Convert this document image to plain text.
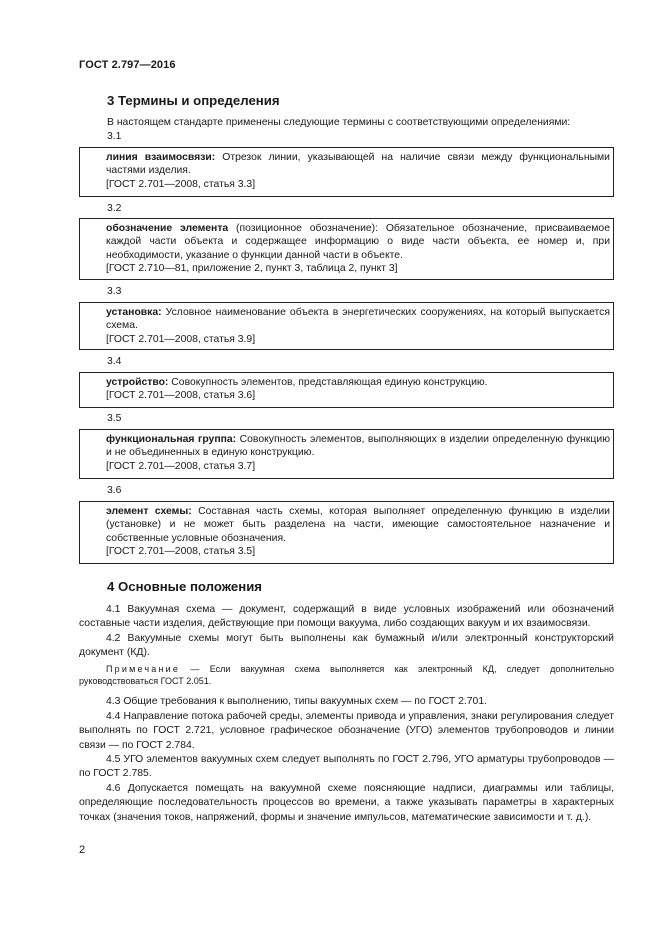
ГОСТ 2.797—2016
3 Термины и определения
В настоящем стандарте применены следующие термины с соответствующими определениями:
3.1
линия взаимосвязи: Отрезок линии, указывающей на наличие связи между функциональными частями изделия.
[ГОСТ 2.701—2008, статья 3.3]
3.2
обозначение элемента (позиционное обозначение): Обязательное обозначение, присваиваемое каждой части объекта и содержащее информацию о виде части объекта, ее номер и, при необходимости, указание о функции данной части в объекте.
[ГОСТ 2.710—81, приложение 2, пункт 3, таблица 2, пункт 3]
3.3
установка: Условное наименование объекта в энергетических сооружениях, на который выпускается схема.
[ГОСТ 2.701—2008, статья 3.9]
3.4
устройство: Совокупность элементов, представляющая единую конструкцию.
[ГОСТ 2.701—2008, статья 3.6]
3.5
функциональная группа: Совокупность элементов, выполняющих в изделии определенную функцию и не объединенных в единую конструкцию.
[ГОСТ 2.701—2008, статья 3.7]
3.6
элемент схемы: Составная часть схемы, которая выполняет определенную функцию в изделии (установке) и не может быть разделена на части, имеющие самостоятельное назначение и собственные условные обозначения.
[ГОСТ 2.701—2008, статья 3.5]
4 Основные положения
4.1 Вакуумная схема — документ, содержащий в виде условных изображений или обозначений составные части изделия, действующие при помощи вакуума, либо создающих вакуум и их взаимосвязи.
4.2 Вакуумные схемы могут быть выполнены как бумажный и/или электронный конструкторский документ (КД).
Примечание — Если вакуумная схема выполняется как электронный КД, следует дополнительно руководствоваться ГОСТ 2.051.
4.3 Общие требования к выполнению, типы вакуумных схем — по ГОСТ 2.701.
4.4 Направление потока рабочей среды, элементы привода и управления, знаки регулирования следует выполнять по ГОСТ 2.721, условное графическое обозначение (УГО) элементов трубопроводов и линии связи — по ГОСТ 2.784.
4.5 УГО элементов вакуумных схем следует выполнять по ГОСТ 2.796, УГО арматуры трубопроводов — по ГОСТ 2.785.
4.6 Допускается помещать на вакуумной схеме поясняющие надписи, диаграммы или таблицы, определяющие последовательность процессов во времени, а также указывать параметры в характерных точках (значения токов, напряжений, формы и значение импульсов, математические зависимости и т. д.).
2
